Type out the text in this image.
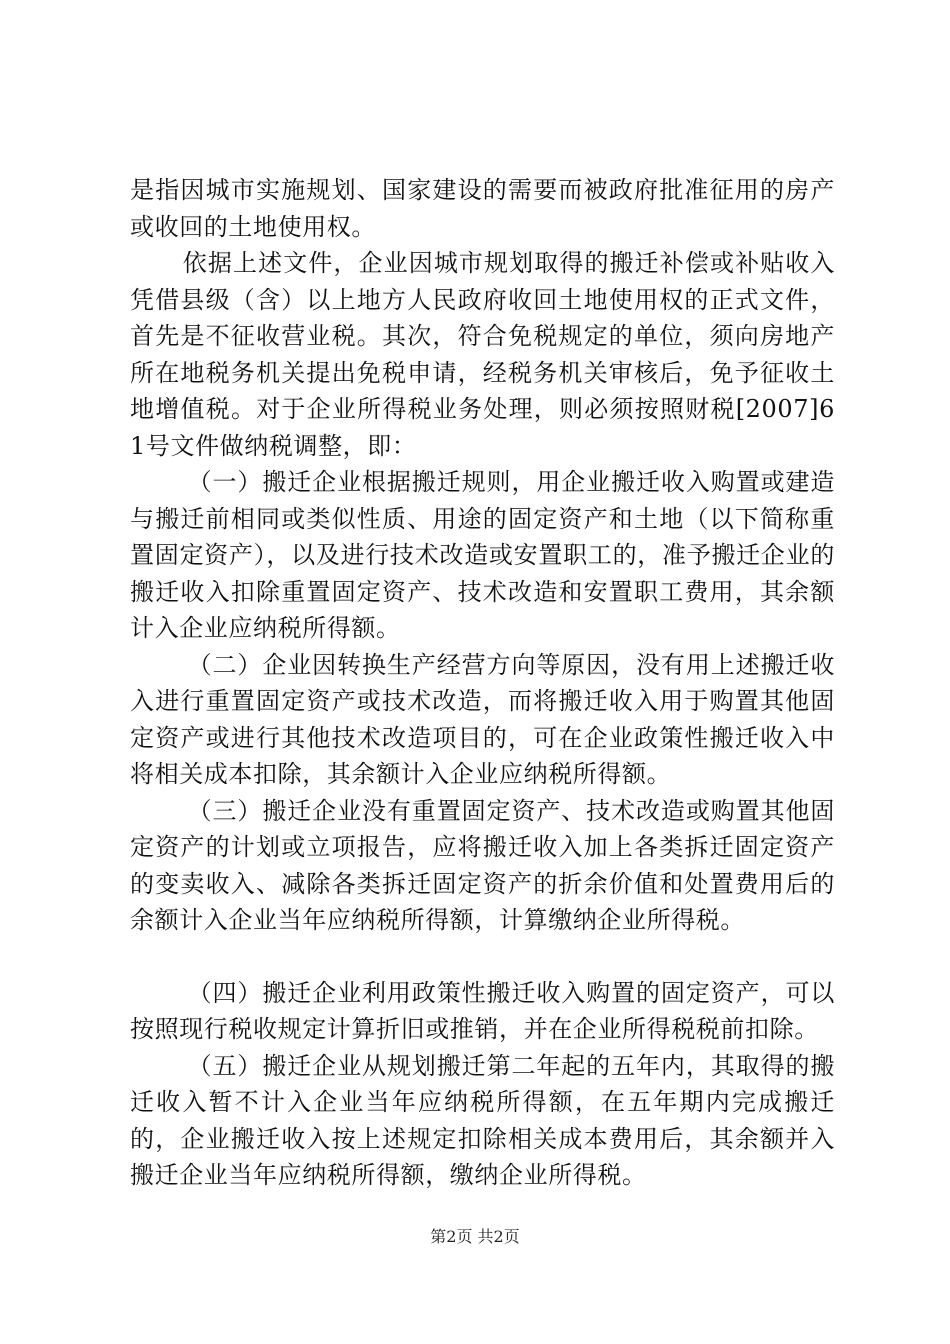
是指因城市实施规划、国家建设的需要而被政府批准征用的房产或收回的土地使用权。

依据上述文件，企业因城市规划取得的搬迁补偿或补贴收入凭借县级（含）以上地方人民政府收回土地使用权的正式文件，首先是不征收营业税。其次，符合免税规定的单位，须向房地产所在地税务机关提出免税申请，经税务机关审核后，免予征收土地增值税。对于企业所得税业务处理，则必须按照财税[2007]61号文件做纳税调整，即：

（一）搬迁企业根据搬迁规则，用企业搬迁收入购置或建造与搬迁前相同或类似性质、用途的固定资产和土地（以下简称重置固定资产），以及进行技术改造或安置职工的，准予搬迁企业的搬迁收入扣除重置固定资产、技术改造和安置职工费用，其余额计入企业应纳税所得额。

（二）企业因转换生产经营方向等原因，没有用上述搬迁收入进行重置固定资产或技术改造，而将搬迁收入用于购置其他固定资产或进行其他技术改造项目的，可在企业政策性搬迁收入中将相关成本扣除，其余额计入企业应纳税所得额。

（三）搬迁企业没有重置固定资产、技术改造或购置其他固定资产的计划或立项报告，应将搬迁收入加上各类拆迁固定资产的变卖收入、减除各类拆迁固定资产的折余价值和处置费用后的余额计入企业当年应纳税所得额，计算缴纳企业所得税。

（四）搬迁企业利用政策性搬迁收入购置的固定资产，可以按照现行税收规定计算折旧或推销，并在企业所得税税前扣除。

（五）搬迁企业从规划搬迁第二年起的五年内，其取得的搬迁收入暂不计入企业当年应纳税所得额，在五年期内完成搬迁的，企业搬迁收入按上述规定扣除相关成本费用后，其余额并入搬迁企业当年应纳税所得额，缴纳企业所得税。

第2页 共2页
